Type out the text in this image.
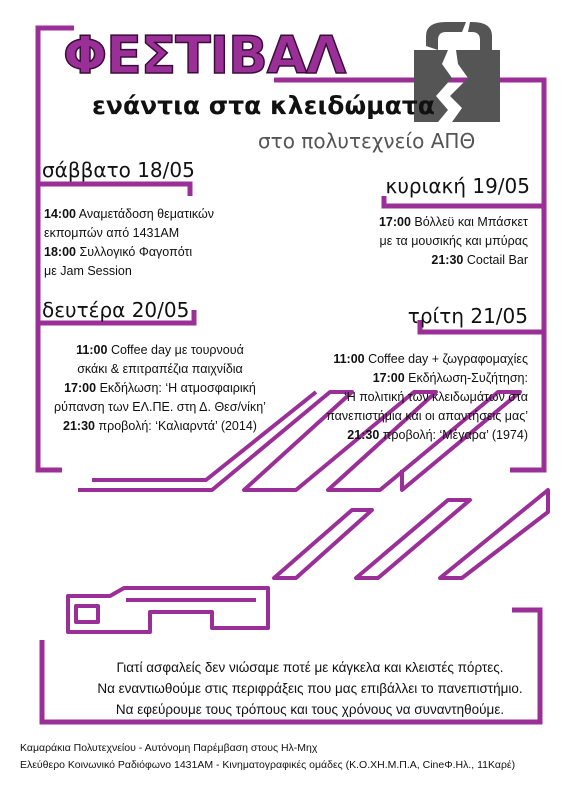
ΦΕΣΤΙΒΑΛ
ενάντια στα κλειδώματα
στο πολυτεχνείο ΑΠΘ
σάββατο 18/05
14:00 Αναμετάδοση θεματικών
εκπομπών από 1431AM
18:00 Συλλογικό Φαγοπότι
με Jam Session
κυριακή 19/05
17:00 Βόλλεϋ και Μπάσκετ
με τα μουσικής και μπύρας
21:30 Coctail Bar
δευτέρα 20/05
11:00 Coffee day με τουρνουά
σκάκι & επιτραπέζια παιχνίδια
17:00 Εκδήλωση: ‘Η ατμοσφαιρική
ρύπανση των ΕΛ.ΠΕ. στη Δ. Θεσ/νίκη’
21:30 προβολή: ‘Καλιαρντά’ (2014)
τρίτη 21/05
11:00 Coffee day + ζωγραφομαχίες
17:00 Εκδήλωση-Συζήτηση:
‘Η πολιτική των κλειδωμάτων στα
πανεπιστήμια και οι απαντήσεις μας’
21:30 προβολή: ‘Μέγαρα’ (1974)
Γιατί ασφαλείς δεν νιώσαμε ποτέ με κάγκελα και κλειστές πόρτες.
Να εναντιωθούμε στις περιφράξεις που μας επιβάλλει το πανεπιστήμιο.
Να εφεύρουμε τους τρόπους και τους χρόνους να συναντηθούμε.
Καμαράκια Πολυτεχνείου - Αυτόνομη Παρέμβαση στους Ηλ-Μηχ
Ελεύθερο Κοινωνικό Ραδιόφωνο 1431ΑΜ - Κινηματογραφικές ομάδες (Κ.Ο.ΧΗ.Μ.Π.Α, CineΦ.Ηλ., 11Καρέ)
